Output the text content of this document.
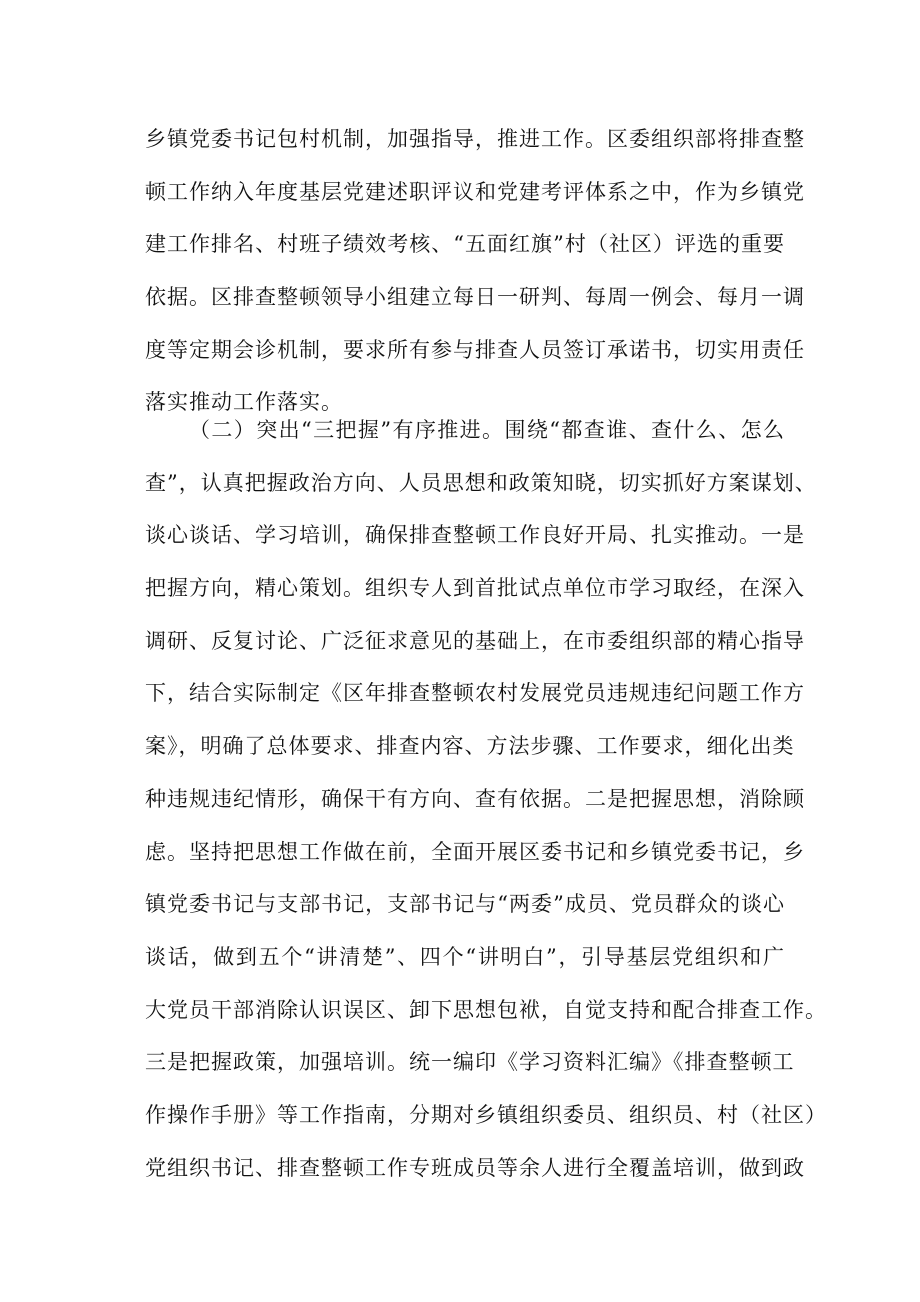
乡镇党委书记包村机制，加强指导，推进工作。区委组织部将排查整
顿工作纳入年度基层党建述职评议和党建考评体系之中，作为乡镇党
建工作排名、村班子绩效考核、“五面红旗”村（社区）评选的重要
依据。区排查整顿领导小组建立每日一研判、每周一例会、每月一调
度等定期会诊机制，要求所有参与排查人员签订承诺书，切实用责任
落实推动工作落实。
（二）突出“三把握”有序推进。围绕“都查谁、查什么、怎么
查”，认真把握政治方向、人员思想和政策知晓，切实抓好方案谋划、
谈心谈话、学习培训，确保排查整顿工作良好开局、扎实推动。一是
把握方向，精心策划。组织专人到首批试点单位市学习取经，在深入
调研、反复讨论、广泛征求意见的基础上，在市委组织部的精心指导
下，结合实际制定《区年排查整顿农村发展党员违规违纪问题工作方
案》，明确了总体要求、排查内容、方法步骤、工作要求，细化出类
种违规违纪情形，确保干有方向、查有依据。二是把握思想，消除顾
虑。坚持把思想工作做在前，全面开展区委书记和乡镇党委书记，乡
镇党委书记与支部书记，支部书记与“两委”成员、党员群众的谈心
谈话，做到五个“讲清楚”、四个“讲明白”，引导基层党组织和广
大党员干部消除认识误区、卸下思想包袱，自觉支持和配合排查工作。
三是把握政策，加强培训。统一编印《学习资料汇编》《排查整顿工
作操作手册》等工作指南，分期对乡镇组织委员、组织员、村（社区）
党组织书记、排查整顿工作专班成员等余人进行全覆盖培训，做到政
